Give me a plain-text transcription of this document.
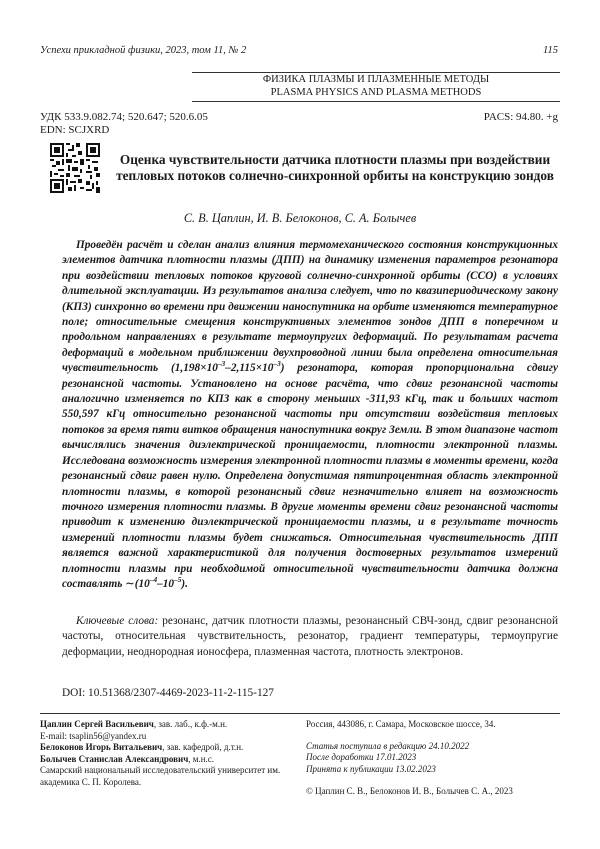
Успехи прикладной физики, 2023, том 11, № 2	115
ФИЗИКА ПЛАЗМЫ И ПЛАЗМЕННЫЕ МЕТОДЫ
PLASMA PHYSICS AND PLASMA METHODS
УДК 533.9.082.74; 520.647; 520.6.05
EDN: SCJXRD
PACS: 94.80. +g
Оценка чувствительности датчика плотности плазмы при воздействии тепловых потоков солнечно-синхронной орбиты на конструкцию зондов
С. В. Цаплин, И. В. Белоконов, С. А. Болычев

Проведён расчёт и сделан анализ влияния термомеханического состояния конструкционных элементов датчика плотности плазмы (ДПП) на динамику изменения параметров резонатора при воздействии тепловых потоков круговой солнечно-синхронной орбиты (ССО) в условиях длительной эксплуатации. Из результатов анализа следует, что по квазипериодическому закону (КПЗ) синхронно во времени при движении наноспутника на орбите изменяются температурное поле; относительные смещения конструктивных элементов зондов ДПП в поперечном и продольном направлениях в результате термоупругих деформаций. По результатам расчета деформаций в модельном приближении двухпроводной линии была определена относительная чувствительность $(1,198\times 10^{-3}-2,115\times 10^{-3})$ резонатора, которая пропорциональна сдвигу резонансной частоты. Установлено на основе расчёта, что сдвиг резонансной частоты аналогично изменяется по КПЗ как в сторону меньших -311,93 кГц, так и больших частот 550,597 кГц относительно резонансной частоты при отсутствии воздействия тепловых потоков за время пяти витков обращения наноспутника вокруг Земли. В этом диапазоне частот вычислялись значения диэлектрической проницаемости, плотности электронной плазмы. Исследована возможность измерения электронной плотности плазмы в моменты времени, когда резонансный сдвиг равен нулю. Определена допустимая пятипроцентная область электронной плотности плазмы, в которой резонансный сдвиг незначительно влияет на возможность точного измерения плотности плазмы. В другие моменты времени сдвиг резонансной частоты приводит к изменению диэлектрической проницаемости плазмы, и в результате точность измерений плотности плазмы будет снижаться. Относительная чувствительность ДПП является важной характеристикой для получения достоверных результатов измерений плотности плазмы при необходимой относительной чувствительности датчика должна составлять $\sim(10^{-4}-10^{-5})$.

Ключевые слова: резонанс, датчик плотности плазмы, резонансный СВЧ-зонд, сдвиг резонансной частоты, относительная чувствительность, резонатор, градиент температуры, термоупругие деформации, неоднородная ионосфера, плазменная частота, плотность электронов.

DOI: 10.51368/2307-4469-2023-11-2-115-127
Цаплин Сергей Васильевич, зав. лаб., к.ф.-м.н.
E-mail: tsaplin56@yandex.ru
Белоконов Игорь Витальевич, зав. кафедрой, д.т.н.
Болычев Станислав Александрович, м.н.с.
Самарский национальный исследовательский университет им. академика С. П. Королева.
Россия, 443086, г. Самара, Московское шоссе, 34.
Статья поступила в редакцию 24.10.2022
После доработки 17.01.2023
Принята к публикации 13.02.2023
© Цаплин С. В., Белоконов И. В., Болычев С. А., 2023
